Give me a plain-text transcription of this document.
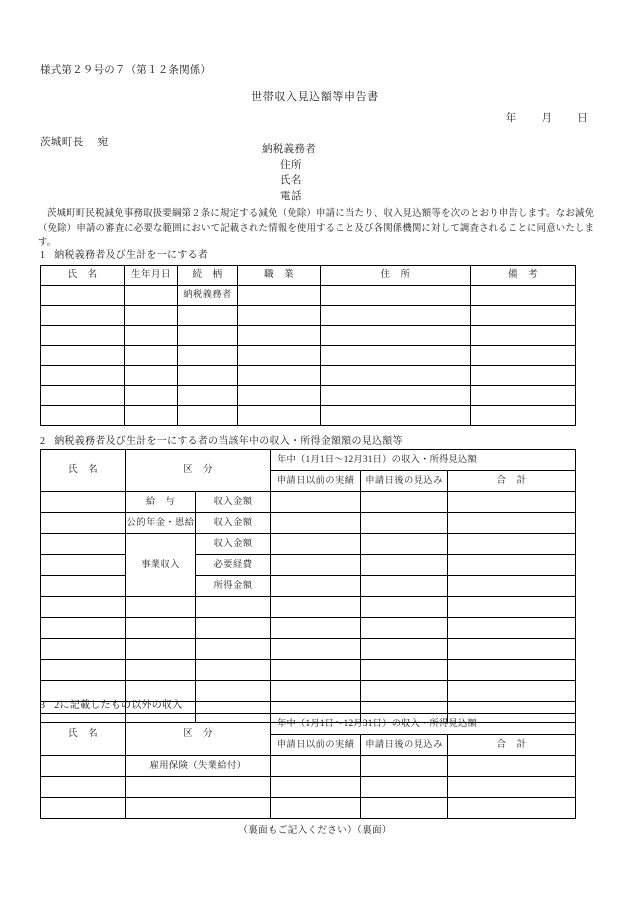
様式第２９号の７（第１２条関係）
世帯収入見込額等申告書
年 月 日
茨城町長 宛
納税義務者
住所
氏名
電話
茨城町町民税減免事務取扱要綱第２条に規定する減免（免除）申請に当たり、収入見込額等を次のとおり申告します。なお減免（免除）申請の審査に必要な範囲において記載された情報を使用すること及び各関係機関に対して調査されることに同意いたします。
1 納税義務者及び生計を一にする者
氏　名	生年月日	続　柄	職　業	住　所	備　考
		納税義務者			

2 納税義務者及び生計を一にする者の当該年中の収入・所得金額額の見込額等
氏　名	区　分		年中（1月1日〜12月31日）の収入・所得見込額		
			申請日以前の実績	申請日後の見込み	合　計
	給　与	収入金額			
	公的年金・恩給	収入金額			
	事業収入	収入金額			
		必要経費			
		所得金額			

3 2に記載したもの以外の収入
氏　名	区　分	年中（1月1日〜12月31日）の収入・所得見込額		
		申請日以前の実績	申請日後の見込み	合　計
	雇用保険（失業給付）			

（裏面もご記入ください）（裏面）
